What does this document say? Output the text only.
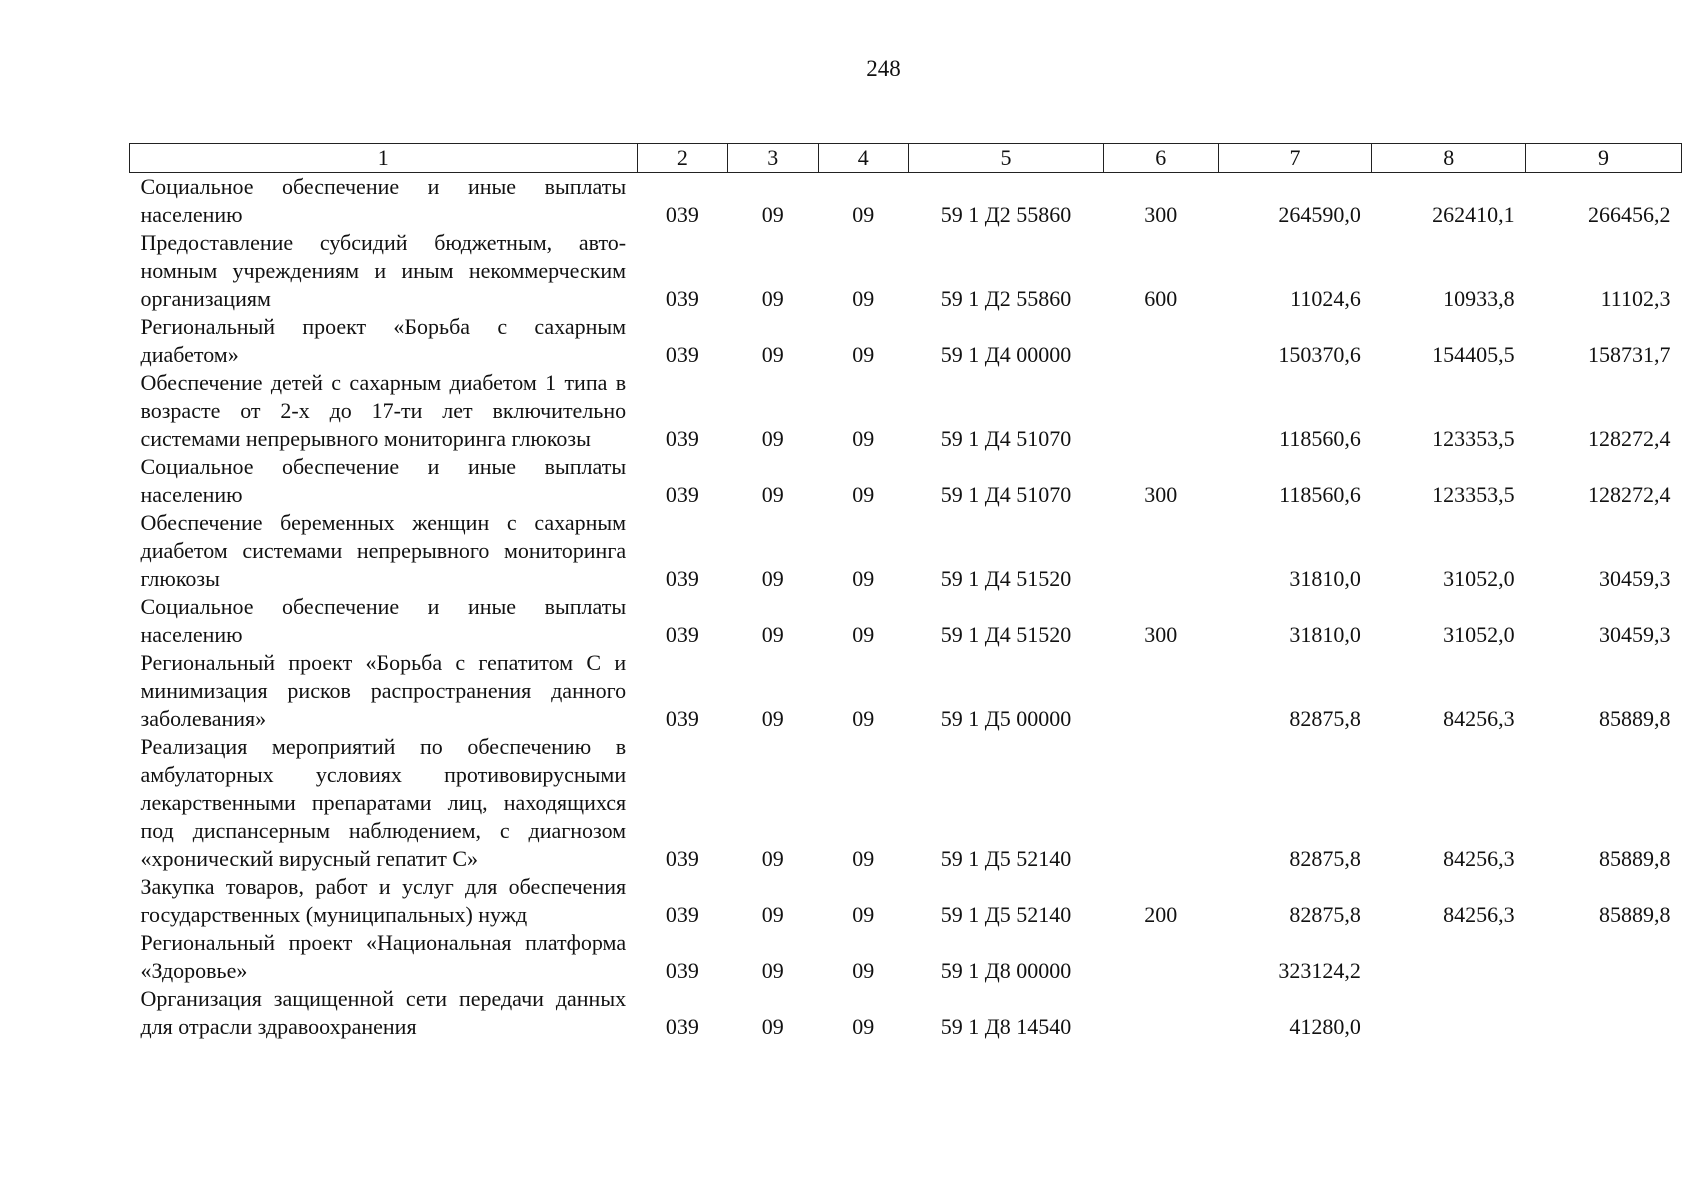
248
1	2	3	4	5	6	7	8	9
Социальное обеспечение и иные выплаты населению	039	09	09	59 1 Д2 55860	300	264590,0	262410,1	266456,2
Предоставление субсидий бюджетным, автономным учреждениям и иным некоммерческим организациям	039	09	09	59 1 Д2 55860	600	11024,6	10933,8	11102,3
Региональный проект «Борьба с сахарным диабетом»	039	09	09	59 1 Д4 00000		150370,6	154405,5	158731,7
Обеспечение детей с сахарным диабетом 1 типа в возрасте от 2-х до 17-ти лет включительно системами непрерывного мониторинга глюкозы	039	09	09	59 1 Д4 51070		118560,6	123353,5	128272,4
Социальное обеспечение и иные выплаты населению	039	09	09	59 1 Д4 51070	300	118560,6	123353,5	128272,4
Обеспечение беременных женщин с сахарным диабетом системами непрерывного мониторинга глюкозы	039	09	09	59 1 Д4 51520		31810,0	31052,0	30459,3
Социальное обеспечение и иные выплаты населению	039	09	09	59 1 Д4 51520	300	31810,0	31052,0	30459,3
Региональный проект «Борьба с гепатитом С и минимизация рисков распространения данного заболевания»	039	09	09	59 1 Д5 00000		82875,8	84256,3	85889,8
Реализация мероприятий по обеспечению в амбулаторных условиях противовирусными лекарственными препаратами лиц, находящихся под диспансерным наблюдением, с диагнозом «хронический вирусный гепатит С»	039	09	09	59 1 Д5 52140		82875,8	84256,3	85889,8
Закупка товаров, работ и услуг для обеспечения государственных (муниципальных) нужд	039	09	09	59 1 Д5 52140	200	82875,8	84256,3	85889,8
Региональный проект «Национальная платформа «Здоровье»	039	09	09	59 1 Д8 00000		323124,2		
Организация защищенной сети передачи данных для отрасли здравоохранения	039	09	09	59 1 Д8 14540		41280,0		
